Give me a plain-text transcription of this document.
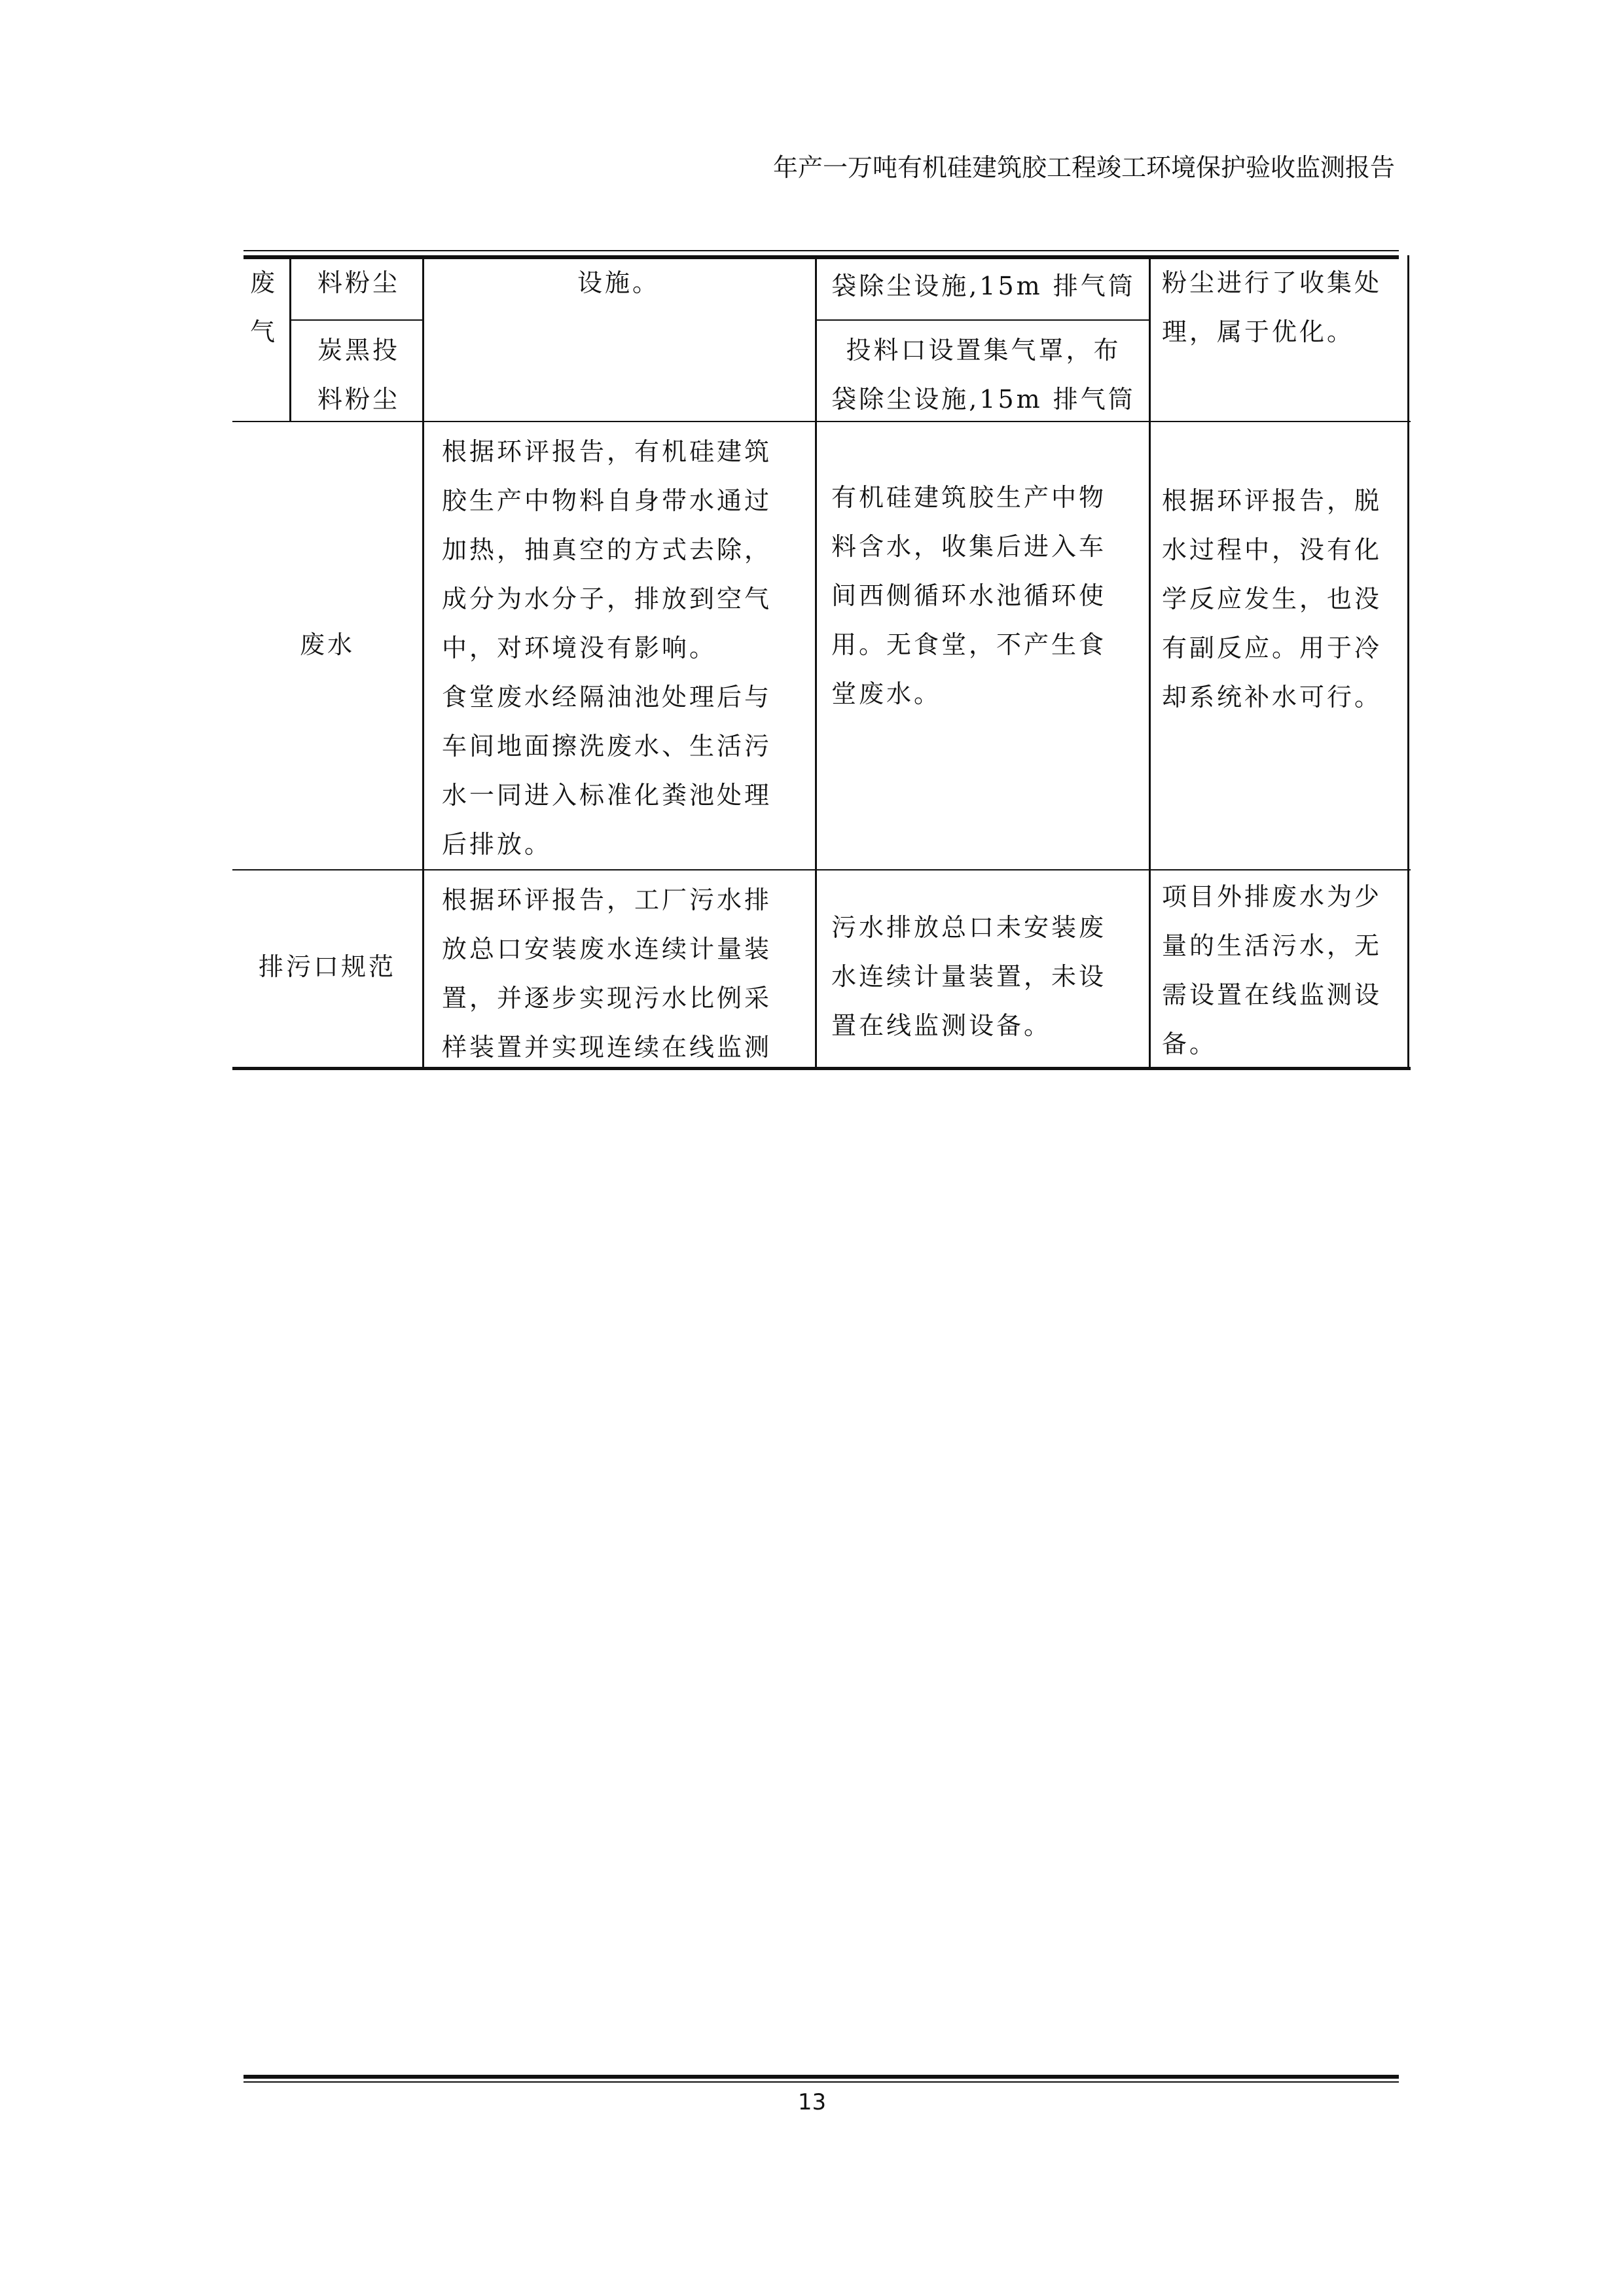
年产一万吨有机硅建筑胶工程竣工环境保护验收监测报告
废
气
料粉尘
炭黑投
料粉尘
设施。	袋除尘设施,15m 排气筒
投料口设置集气罩，布
袋除尘设施,15m 排气筒
粉尘进行了收集处
理，属于优化。
废水
根据环评报告，有机硅建筑
胶生产中物料自身带水通过
加热，抽真空的方式去除，
成分为水分子，排放到空气
中，对环境没有影响。
食堂废水经隔油池处理后与
车间地面擦洗废水、生活污
水一同进入标准化粪池处理
后排放。
有机硅建筑胶生产中物
料含水，收集后进入车
间西侧循环水池循环使
用。无食堂，不产生食
堂废水。
根据环评报告，脱
水过程中，没有化
学反应发生，也没
有副反应。用于冷
却系统补水可行。
排污口规范
根据环评报告，工厂污水排
放总口安装废水连续计量装
置，并逐步实现污水比例采
样装置并实现连续在线监测
污水排放总口未安装废
水连续计量装置，未设
置在线监测设备。
项目外排废水为少
量的生活污水，无
需设置在线监测设
备。
13
